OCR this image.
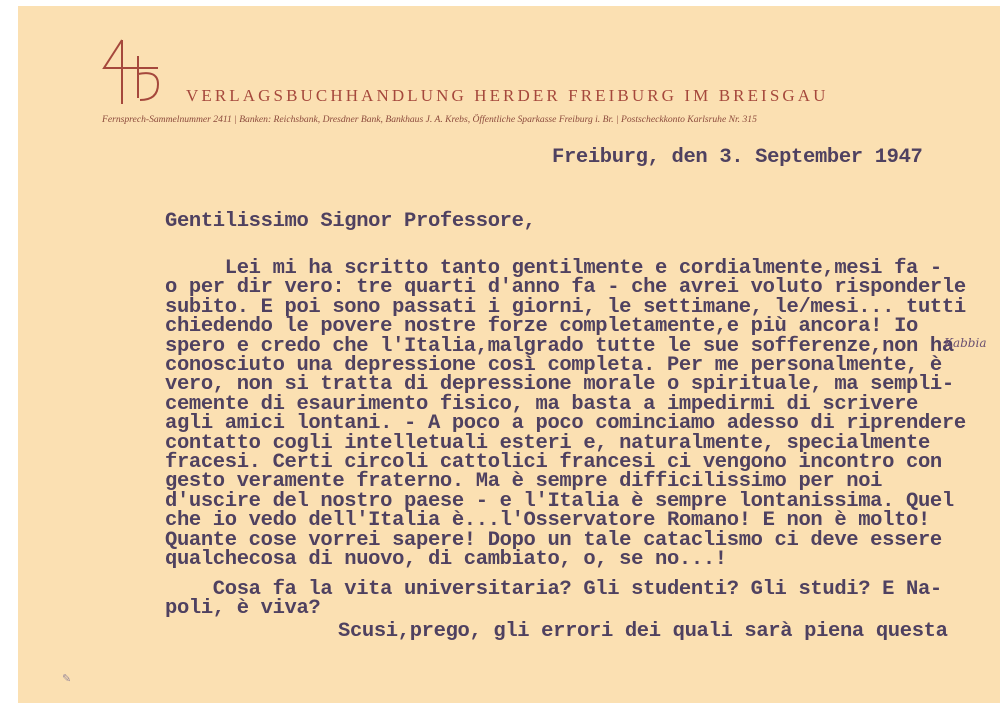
VERLAGSBUCHHANDLUNG HERDER FREIBURG IM BREISGAU
Fernsprech-Sammelnummer 2411 | Banken: Reichsbank, Dresdner Bank, Bankhaus J. A. Krebs, Öffentliche Sparkasse Freiburg i. Br. | Postscheckkonto Karlsruhe Nr. 315
Freiburg, den 3. September 1947
Gentilissimo Signor Professore,
Lei mi ha scritto tanto gentilmente e cordialmente,mesi fa -
o per dir vero: tre quarti d'anno fa - che avrei voluto risponderle
subito. E poi sono passati i giorni, le settimane, le/mesi... tutti
chiedendo le povere nostre forze completamente,e più ancora! Io
spero e credo che l'Italia,malgrado tutte le sue sofferenze,non ha
conosciuto una depressione così completa. Per me personalmente, è
vero, non si tratta di depressione morale o spirituale, ma sempli-
cemente di esaurimento fisico, ma basta a impedirmi di scrivere
agli amici lontani. - A poco a poco cominciamo adesso di riprendere
contatto cogli intelletuali esteri e, naturalmente, specialmente
fracesi. Certi circoli cattolici francesi ci vengono incontro con
gesto veramente fraterno. Ma è sempre difficilissimo per noi
d'uscire del nostro paese - e l'Italia è sempre lontanissima. Quel
che io vedo dell'Italia è...l'Osservatore Romano! E non è molto!
Quante cose vorrei sapere! Dopo un tale cataclismo ci deve essere
qualchecosa di nuovo, di cambiato, o, se no...!
Cosa fa la vita universitaria? Gli studenti? Gli studi? E Na-
poli, è viva?
Scusi,prego, gli errori dei quali sarà piena questa
Kabbia
✎
